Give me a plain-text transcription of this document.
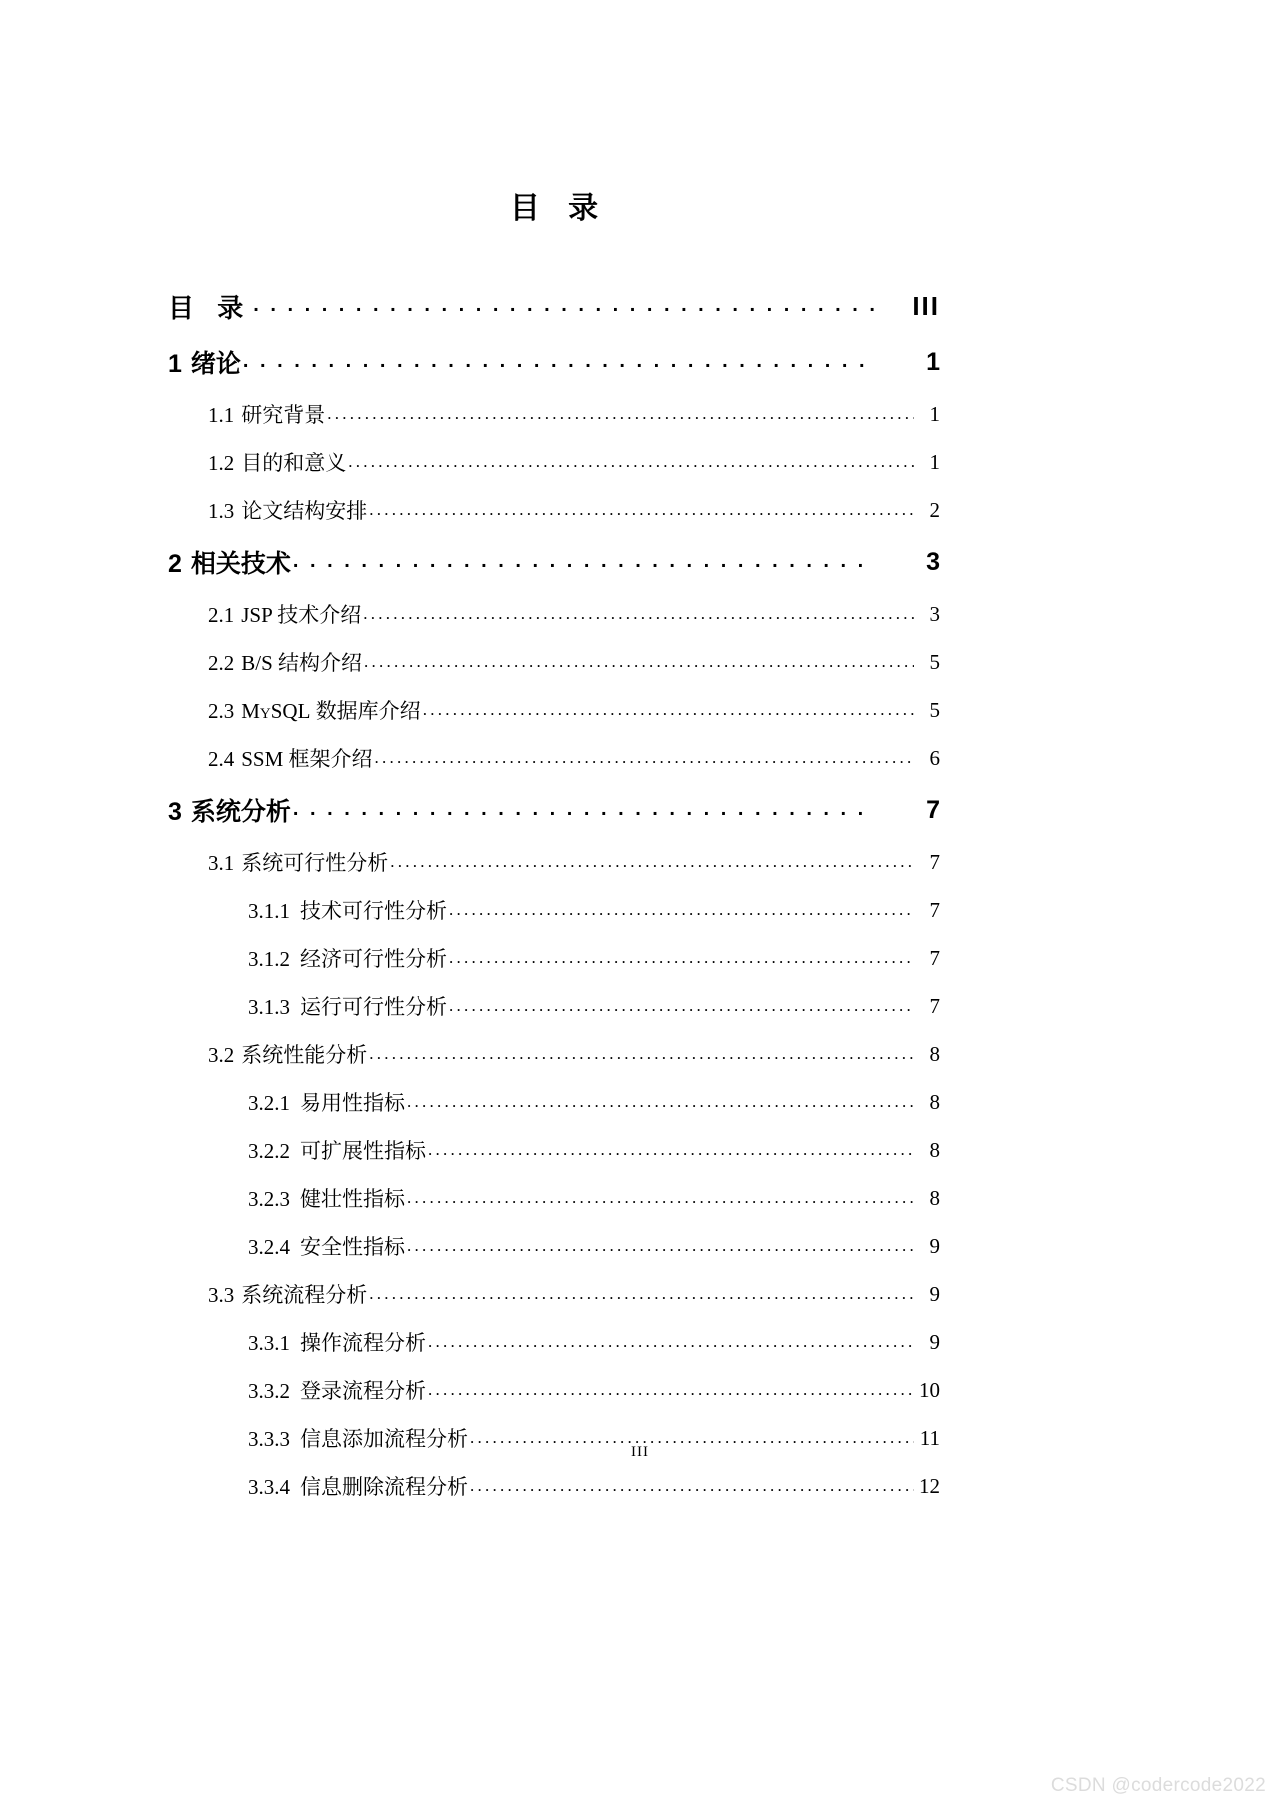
目 录
目 录 . . .	III
1 绪论 . . .	1
1.1 研究背景 . . .	1
1.2 目的和意义 . . .	1
1.3 论文结构安排 . . .	2
2 相关技术 . . .	3
2.1 JSP 技术介绍 . . .	3
2.2 B/S 结构介绍 . . .	5
2.3 MySQL 数据库介绍 . . .	5
2.4 SSM 框架介绍 . . .	6
3 系统分析 . . .	7
3.1 系统可行性分析 . . .	7
3.1.1 技术可行性分析 . . .	7
3.1.2 经济可行性分析 . . .	7
3.1.3 运行可行性分析 . . .	7
3.2 系统性能分析 . . .	8
3.2.1 易用性指标 . . .	8
3.2.2 可扩展性指标 . . .	8
3.2.3 健壮性指标 . . .	8
3.2.4 安全性指标 . . .	9
3.3 系统流程分析 . . .	9
3.3.1 操作流程分析 . . .	9
3.3.2 登录流程分析 . . .	10
3.3.3 信息添加流程分析 . . .	11
3.3.4 信息删除流程分析 . . .	12
III
CSDN @codercode2022
